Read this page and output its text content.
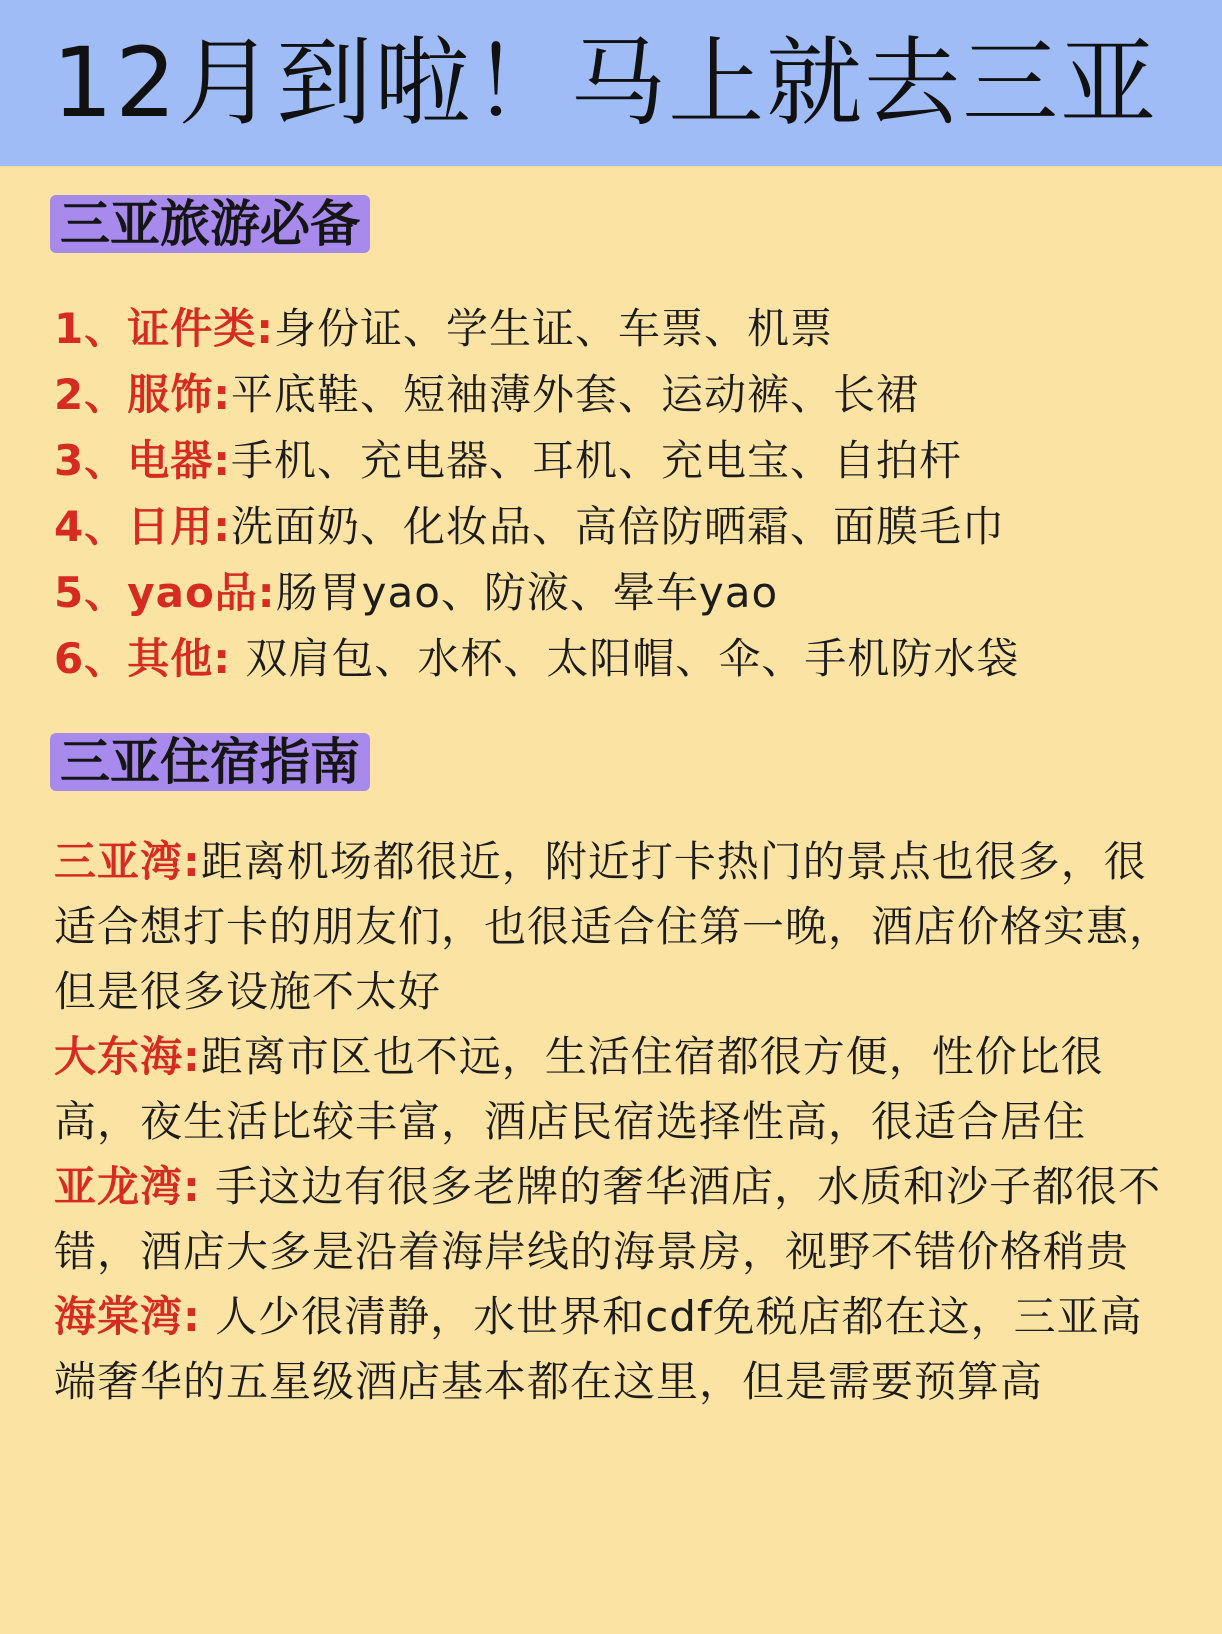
12月到啦！马上就去三亚
三亚旅游必备
1、证件类:身份证、学生证、车票、机票
2、服饰:平底鞋、短袖薄外套、运动裤、长裙
3、电器:手机、充电器、耳机、充电宝、自拍杆
4、日用:洗面奶、化妆品、高倍防晒霜、面膜毛巾
5、yao品:肠胃yao、防液、晕车yao
6、其他: 双肩包、水杯、太阳帽、伞、手机防水袋
三亚住宿指南

三亚湾:距离机场都很近，附近打卡热门的景点也很多，很适合想打卡的朋友们，也很适合住第一晚，酒店价格实惠，但是很多设施不太好

大东海:距离市区也不远，生活住宿都很方便，性价比很高，夜生活比较丰富，酒店民宿选择性高，很适合居住

亚龙湾: 手这边有很多老牌的奢华酒店，水质和沙子都很不错，酒店大多是沿着海岸线的海景房，视野不错价格稍贵

海棠湾: 人少很清静，水世界和cdf免税店都在这，三亚高端奢华的五星级酒店基本都在这里，但是需要预算高
